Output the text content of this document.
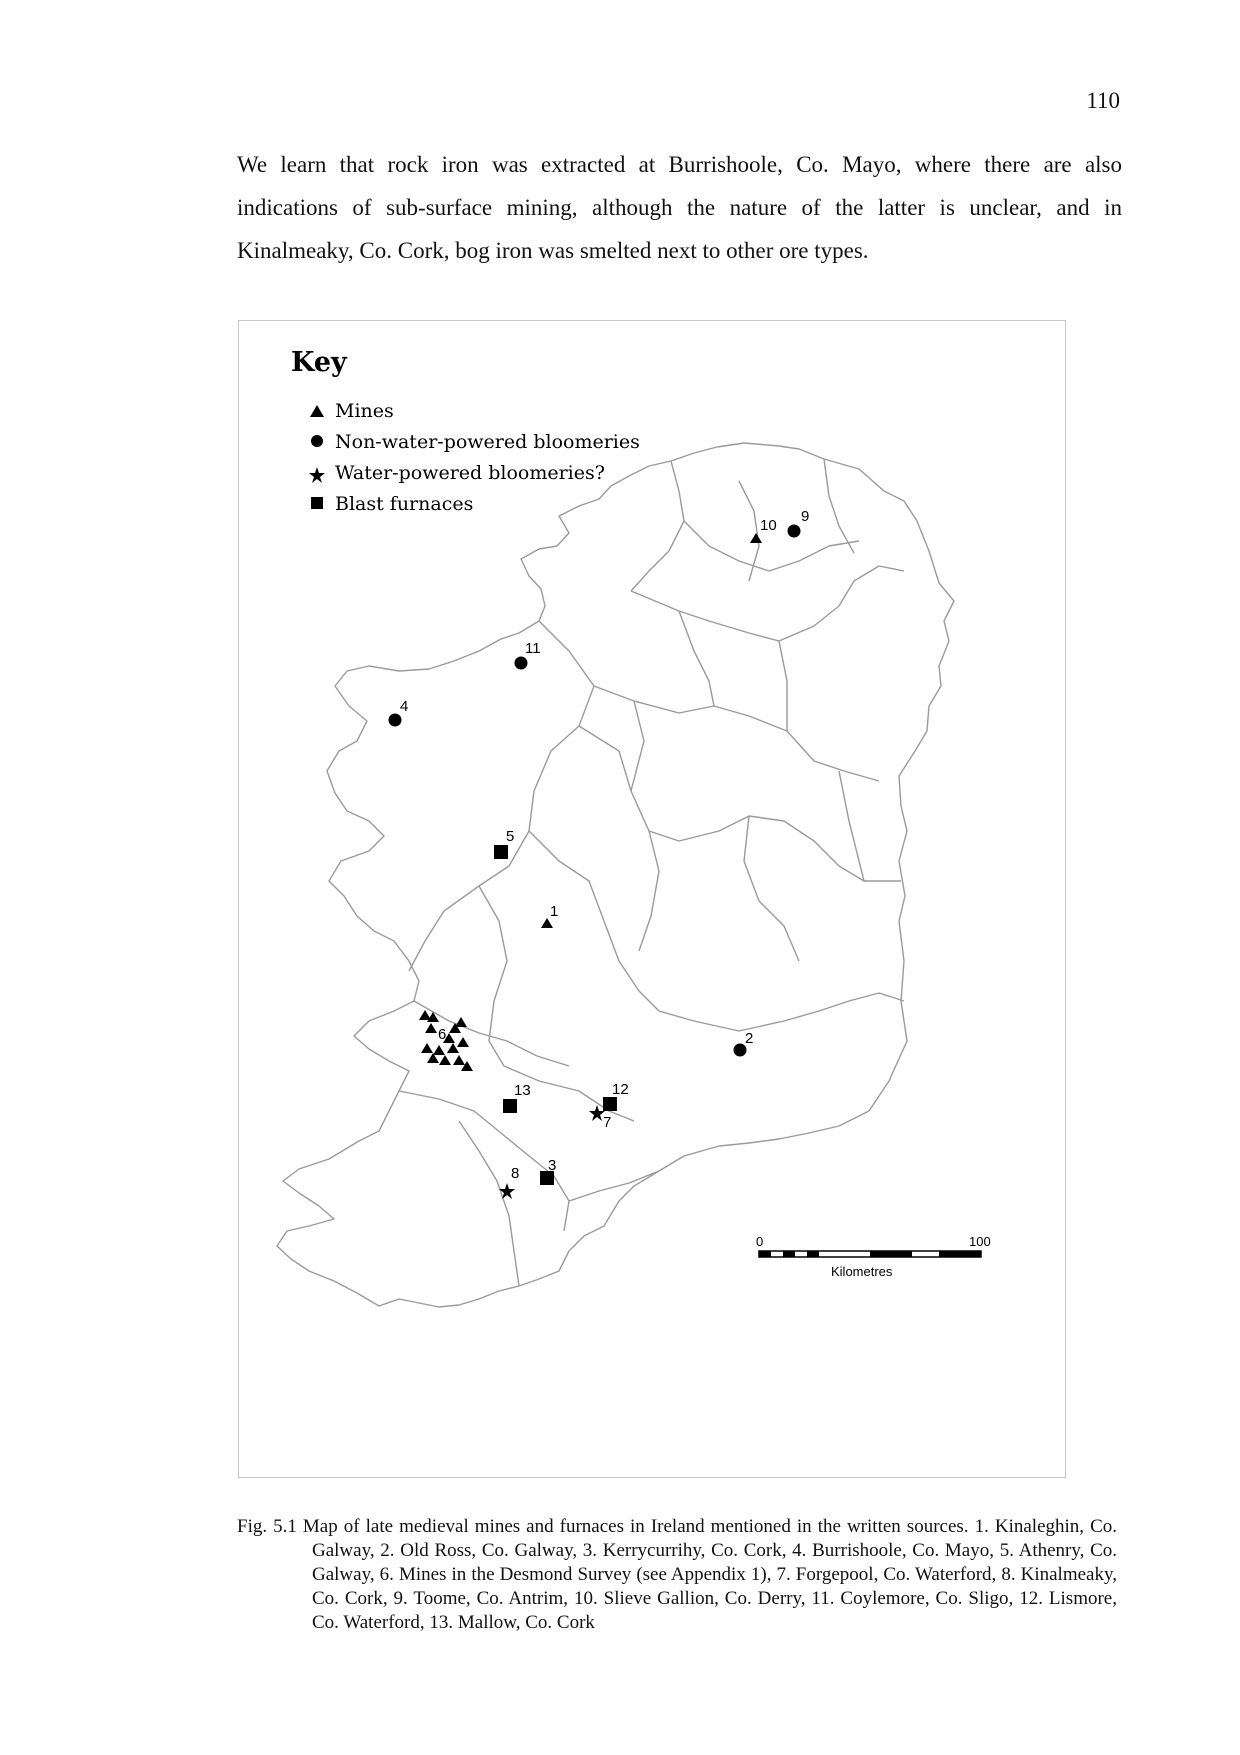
110
We learn that rock iron was extracted at Burrishoole, Co. Mayo, where there are also indications of sub-surface mining, although the nature of the latter is unclear, and in Kinalmeaky, Co. Cork, bog iron was smelted next to other ore types.
Key
Mines
Non-water-powered bloomeries
Water-powered bloomeries?
Blast furnaces
1
2
3
4
5
6
7
8
9
10
11
12
13
0	100
Kilometres
Fig. 5.1 Map of late medieval mines and furnaces in Ireland mentioned in the written sources. 1. Kinaleghin, Co. Galway, 2. Old Ross, Co. Galway, 3. Kerrycurrihy, Co. Cork, 4. Burrishoole, Co. Mayo, 5. Athenry, Co. Galway, 6. Mines in the Desmond Survey (see Appendix 1), 7. Forgepool, Co. Waterford, 8. Kinalmeaky, Co. Cork, 9. Toome, Co. Antrim, 10. Slieve Gallion, Co. Derry, 11. Coylemore, Co. Sligo, 12. Lismore, Co. Waterford, 13. Mallow, Co. Cork
